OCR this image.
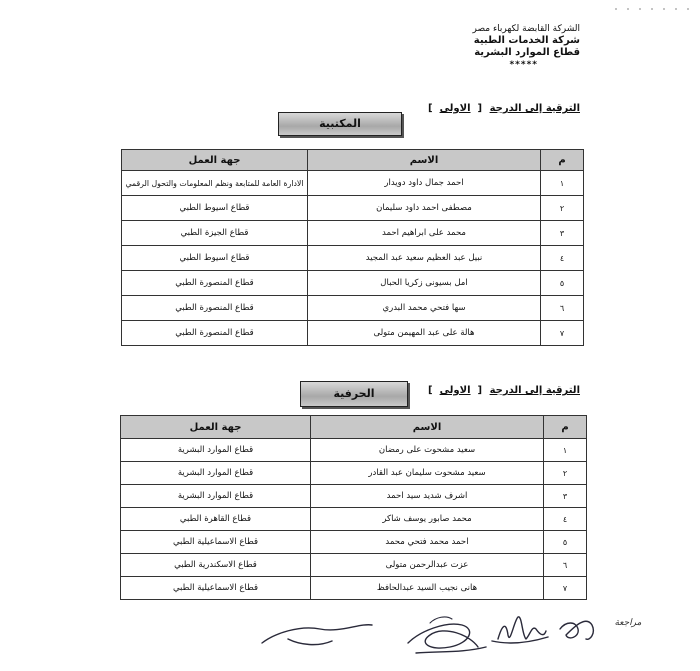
الشركة القابضة لكهرباء مصر
شركة الخدمات الطبية
قطاع الموارد البشرية
*****
الترقية إلى الدرجة [  الاولى  ]
المكتبية
م	الاسم	جهة العمل
١	احمد جمال داود دويدار	الادارة العامة للمتابعة ونظم المعلومات والتحول الرقمي
٢	مصطفى احمد داود سليمان	قطاع اسيوط الطبي
٣	محمد على ابراهيم احمد	قطاع الجيزة الطبي
٤	نبيل عبد العظيم سعيد عبد المجيد	قطاع اسيوط الطبي
٥	امل بسيونى زكريا الحبال	قطاع المنصورة الطبي
٦	سها فتحي محمد البدري	قطاع المنصورة الطبي
٧	هالة على عبد المهيمن متولى	قطاع المنصورة الطبي
الترقية إلى الدرجة [  الاولى  ]
الحرفية
م	الاسم	جهة العمل
١	سعيد مشحوت على رمضان	قطاع الموارد البشرية
٢	سعيد مشحوت سليمان عبد القادر	قطاع الموارد البشرية
٣	اشرف شديد سيد احمد	قطاع الموارد البشرية
٤	محمد صابور يوسف شاكر	قطاع القاهرة الطبي
٥	احمد محمد فتحي محمد	قطاع الاسماعيلية الطبي
٦	عزت عبدالرحمن متولى	قطاع الاسكندرية الطبي
٧	هانى نجيب السيد عبدالحافظ	قطاع الاسماعيلية الطبي
مراجعة
